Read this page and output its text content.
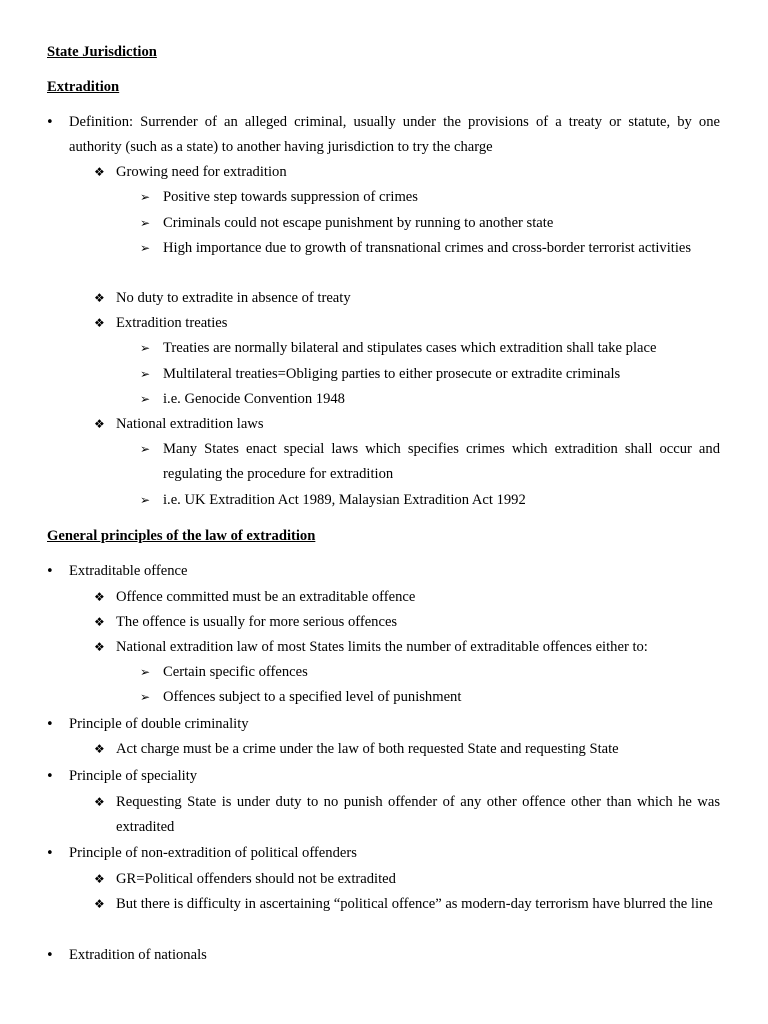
State Jurisdiction
Extradition
• Definition: Surrender of an alleged criminal, usually under the provisions of a treaty or statute, by one authority (such as a state) to another having jurisdiction to try the charge
❖ Growing need for extradition
➢ Positive step towards suppression of crimes
➢ Criminals could not escape punishment by running to another state
➢ High importance due to growth of transnational crimes and cross-border terrorist activities
❖ No duty to extradite in absence of treaty
❖ Extradition treaties
➢ Treaties are normally bilateral and stipulates cases which extradition shall take place
➢ Multilateral treaties=Obliging parties to either prosecute or extradite criminals
➢ i.e. Genocide Convention 1948
❖ National extradition laws
➢ Many States enact special laws which specifies crimes which extradition shall occur and regulating the procedure for extradition
➢ i.e. UK Extradition Act 1989, Malaysian Extradition Act 1992
General principles of the law of extradition
• Extraditable offence
❖ Offence committed must be an extraditable offence
❖ The offence is usually for more serious offences
❖ National extradition law of most States limits the number of extraditable offences either to:
➢ Certain specific offences
➢ Offences subject to a specified level of punishment
• Principle of double criminality
❖ Act charge must be a crime under the law of both requested State and requesting State
• Principle of speciality
❖ Requesting State is under duty to no punish offender of any other offence other than which he was extradited
• Principle of non-extradition of political offenders
❖ GR=Political offenders should not be extradited
❖ But there is difficulty in ascertaining “political offence” as modern-day terrorism have blurred the line
• Extradition of nationals
